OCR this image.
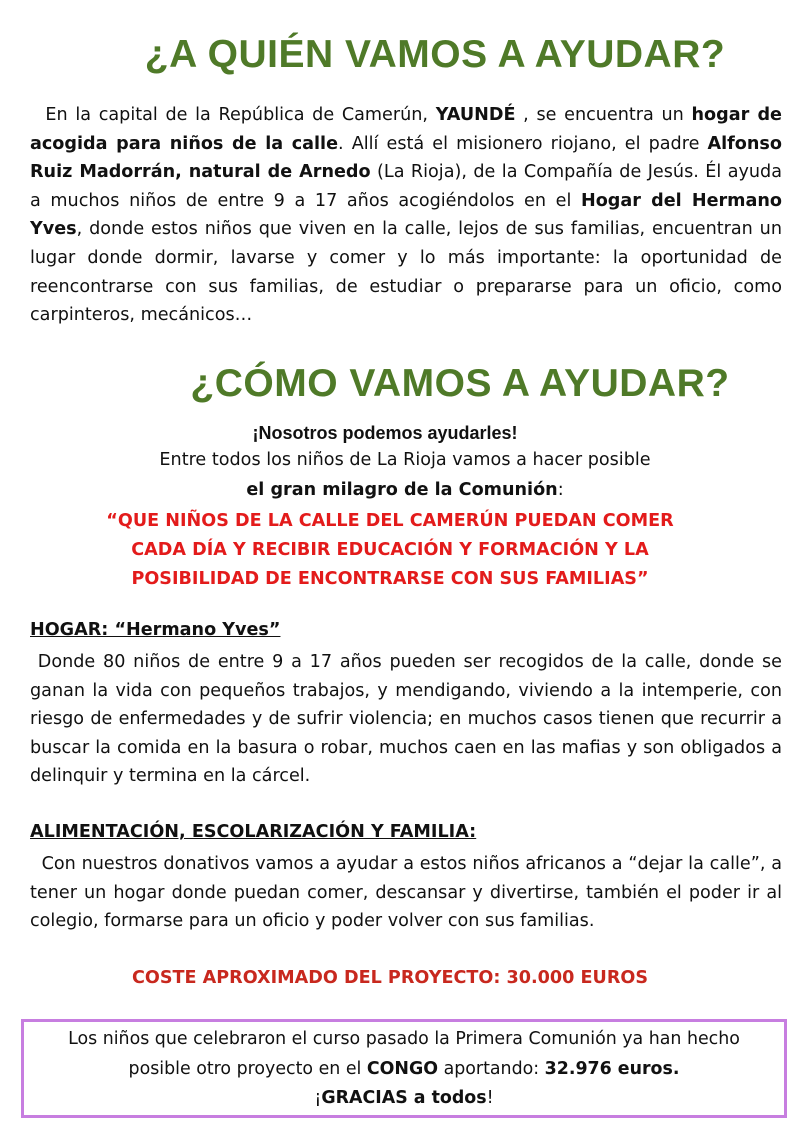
¿A QUIÉN VAMOS A AYUDAR?

En la capital de la República de Camerún, YAUNDÉ , se encuentra un hogar de acogida para niños de la calle. Allí está el misionero riojano, el padre Alfonso Ruiz Madorrán, natural de Arnedo (La Rioja), de la Compañía de Jesús. Él ayuda a muchos niños de entre 9 a 17 años acogiéndolos en el Hogar del Hermano Yves, donde estos niños que viven en la calle, lejos de sus familias, encuentran un lugar donde dormir, lavarse y comer y lo más importante: la oportunidad de reencontrarse con sus familias, de estudiar o prepararse para un oficio, como carpinteros, mecánicos…

¿CÓMO VAMOS A AYUDAR?

¡Nosotros podemos ayudarles!

Entre todos los niños de La Rioja vamos a hacer posible

el gran milagro de la Comunión:

“QUE NIÑOS DE LA CALLE DEL CAMERÚN PUEDAN COMER
CADA DÍA Y RECIBIR EDUCACIÓN Y FORMACIÓN Y LA
POSIBILIDAD DE ENCONTRARSE CON SUS FAMILIAS”

HOGAR: “Hermano Yves”

Donde 80 niños de entre 9 a 17 años pueden ser recogidos de la calle, donde se ganan la vida con pequeños trabajos, y mendigando, viviendo a la intemperie, con riesgo de enfermedades y de sufrir violencia; en muchos casos tienen que recurrir a buscar la comida en la basura o robar, muchos caen en las mafias y son obligados a delinquir y termina en la cárcel.

ALIMENTACIÓN, ESCOLARIZACIÓN Y FAMILIA:

Con nuestros donativos vamos a ayudar a estos niños africanos a “dejar la calle”, a tener un hogar donde puedan comer, descansar y divertirse, también el poder ir al colegio, formarse para un oficio y poder volver con sus familias.

COSTE APROXIMADO DEL PROYECTO: 30.000 EUROS

Los niños que celebraron el curso pasado la Primera Comunión ya han hecho

posible otro proyecto en el CONGO aportando: 32.976 euros.

¡GRACIAS a todos!
